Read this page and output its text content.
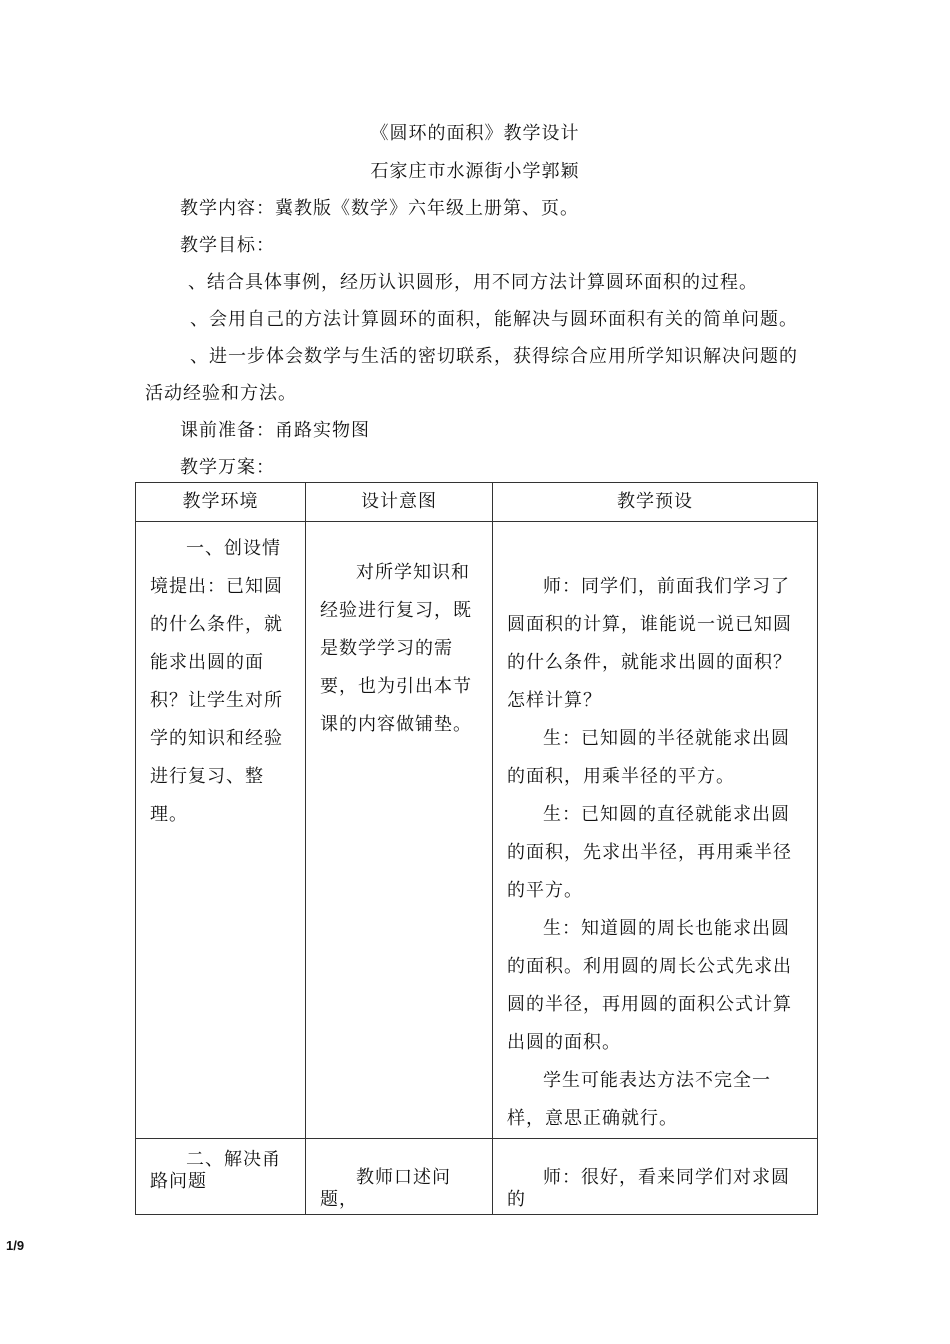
《圆环的面积》教学设计
石家庄市水源街小学郭颖
教学内容：冀教版《数学》六年级上册第、页。
教学目标：
、结合具体事例，经历认识圆形，用不同方法计算圆环面积的过程。
、会用自己的方法计算圆环的面积，能解决与圆环面积有关的简单问题。
、进一步体会数学与生活的密切联系，获得综合应用所学知识解决问题的
活动经验和方法。
课前准备：甬路实物图
教学万案：
教学环境	设计意图	教学预设

一、创设情境提出：已知圆的什么条件，就能求出圆的面积？让学生对所学的知识和经验进行复习、整理。	对所学知识和经验进行复习，既是数学学习的需要，也为引出本节课的内容做铺垫。	师：同学们，前面我们学习了圆面积的计算，谁能说一说已知圆的什么条件，就能求出圆的面积？怎样计算？
生：已知圆的半径就能求出圆的面积，用乘半径的平方。
生：已知圆的直径就能求出圆的面积，先求出半径，再用乘半径的平方。
生：知道圆的周长也能求出圆的面积。利用圆的周长公式先求出圆的半径，再用圆的面积公式计算出圆的面积。
学生可能表达方法不完全一样，意思正确就行。

二、解决甬路问题	教师口述问题，	师：很好，看来同学们对求圆的
1/9
